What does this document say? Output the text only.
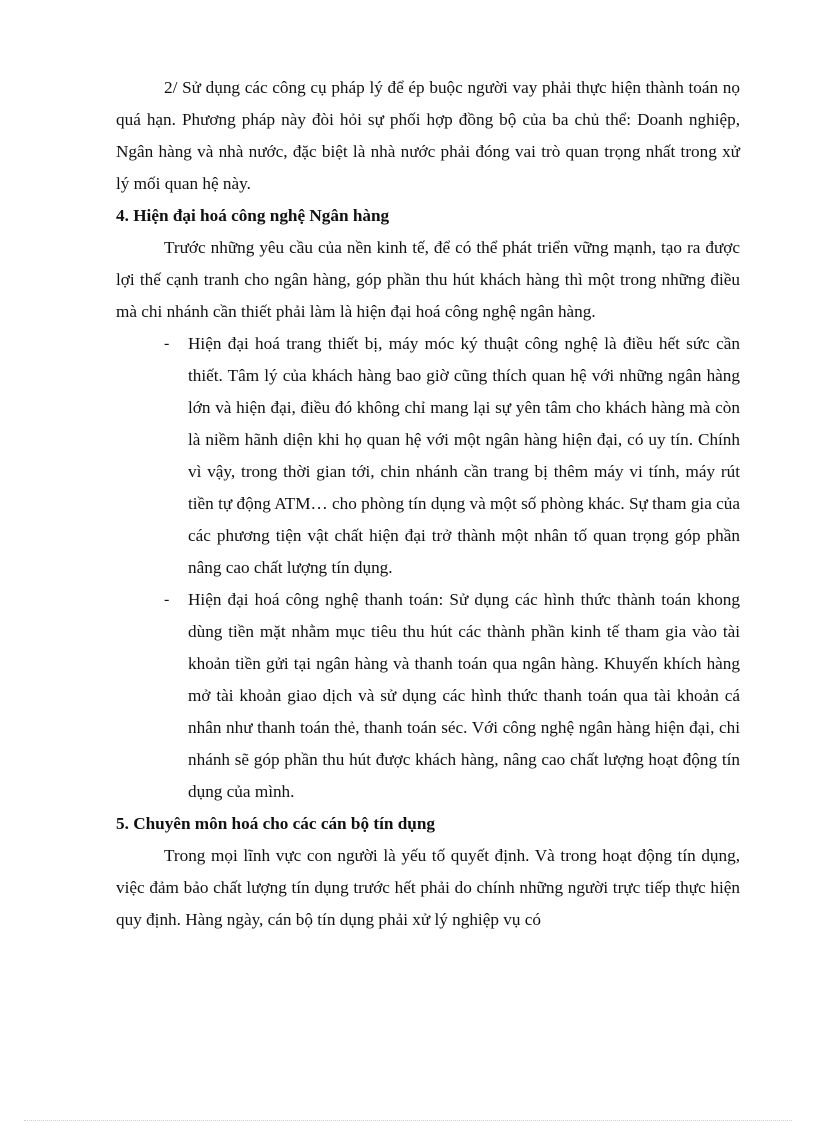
2/ Sử dụng các công cụ pháp lý để ép buộc người vay phải thực hiện thành toán nọ quá hạn. Phương pháp này đòi hỏi sự phối hợp đồng bộ của ba chủ thể: Doanh nghiệp, Ngân hàng và nhà nước, đặc biệt là nhà nước phải đóng vai trò quan trọng nhất trong xử lý mối quan hệ này.

4. Hiện đại hoá công nghệ Ngân hàng

Trước những yêu cầu của nền kinh tế, để có thể phát triển vững mạnh, tạo ra được lợi thế cạnh tranh cho ngân hàng, góp phần thu hút khách hàng thì một trong những điều mà chi nhánh cần thiết phải làm là hiện đại hoá công nghệ ngân hàng.

-	Hiện đại hoá trang thiết bị, máy móc ký thuật công nghệ là điều hết sức cần thiết. Tâm lý của khách hàng bao giờ cũng thích quan hệ với những ngân hàng lớn và hiện đại, điều đó không chỉ mang lại sự yên tâm cho khách hàng mà còn là niềm hãnh diện khi họ quan hệ với một ngân hàng hiện đại, có uy tín. Chính vì vậy, trong thời gian tới, chin nhánh cần trang bị thêm máy vi tính, máy rút tiền tự động ATM… cho phòng tín dụng và một số phòng khác. Sự tham gia của các phương tiện vật chất hiện đại trở thành một nhân tố quan trọng góp phần nâng cao chất lượng tín dụng.
-	Hiện đại hoá công nghệ thanh toán: Sử dụng các hình thức thành toán khong dùng tiền mặt nhằm mục tiêu thu hút các thành phần kinh tế tham gia vào tài khoản tiền gửi tại ngân hàng và thanh toán qua ngân hàng. Khuyến khích hàng mở tài khoản giao dịch và sử dụng các hình thức thanh toán qua tài khoản cá nhân như thanh toán thẻ, thanh toán séc. Với công nghệ ngân hàng hiện đại, chi nhánh sẽ góp phần thu hút được khách hàng, nâng cao chất lượng hoạt động tín dụng của mình.

5. Chuyên môn hoá cho các cán bộ tín dụng

Trong mọi lĩnh vực con người là yếu tố quyết định. Và trong hoạt động tín dụng, việc đảm bảo chất lượng tín dụng trước hết phải do chính những người trực tiếp thực hiện quy định. Hàng ngày, cán bộ tín dụng phải xử lý nghiệp vụ có
